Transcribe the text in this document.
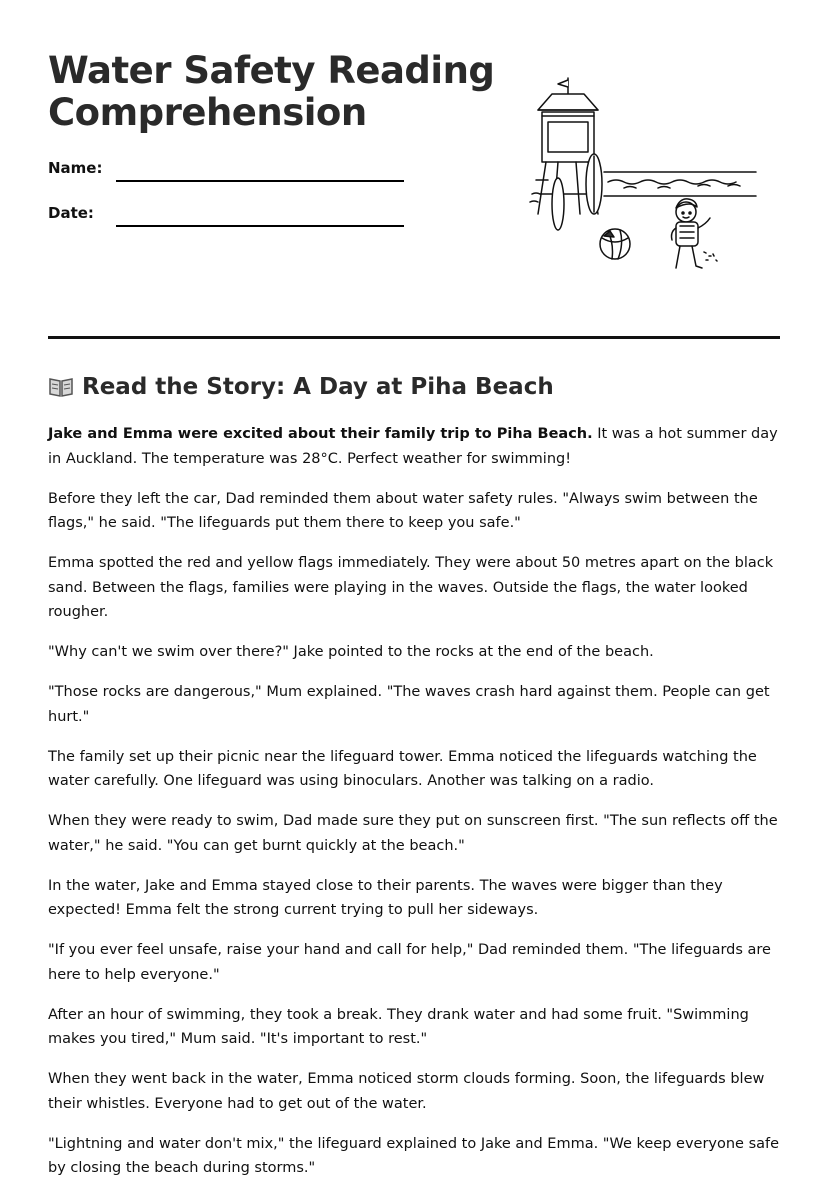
Water Safety Reading Comprehension
Name:
Date:
Read the Story: A Day at Piha Beach

Jake and Emma were excited about their family trip to Piha Beach. It was a hot summer day in Auckland. The temperature was 28°C. Perfect weather for swimming!

Before they left the car, Dad reminded them about water safety rules. "Always swim between the flags," he said. "The lifeguards put them there to keep you safe."

Emma spotted the red and yellow flags immediately. They were about 50 metres apart on the black sand. Between the flags, families were playing in the waves. Outside the flags, the water looked rougher.

"Why can't we swim over there?" Jake pointed to the rocks at the end of the beach.

"Those rocks are dangerous," Mum explained. "The waves crash hard against them. People can get hurt."

The family set up their picnic near the lifeguard tower. Emma noticed the lifeguards watching the water carefully. One lifeguard was using binoculars. Another was talking on a radio.

When they were ready to swim, Dad made sure they put on sunscreen first. "The sun reflects off the water," he said. "You can get burnt quickly at the beach."

In the water, Jake and Emma stayed close to their parents. The waves were bigger than they expected! Emma felt the strong current trying to pull her sideways.

"If you ever feel unsafe, raise your hand and call for help," Dad reminded them. "The lifeguards are here to help everyone."

After an hour of swimming, they took a break. They drank water and had some fruit. "Swimming makes you tired," Mum said. "It's important to rest."

When they went back in the water, Emma noticed storm clouds forming. Soon, the lifeguards blew their whistles. Everyone had to get out of the water.

"Lightning and water don't mix," the lifeguard explained to Jake and Emma. "We keep everyone safe by closing the beach during storms."
